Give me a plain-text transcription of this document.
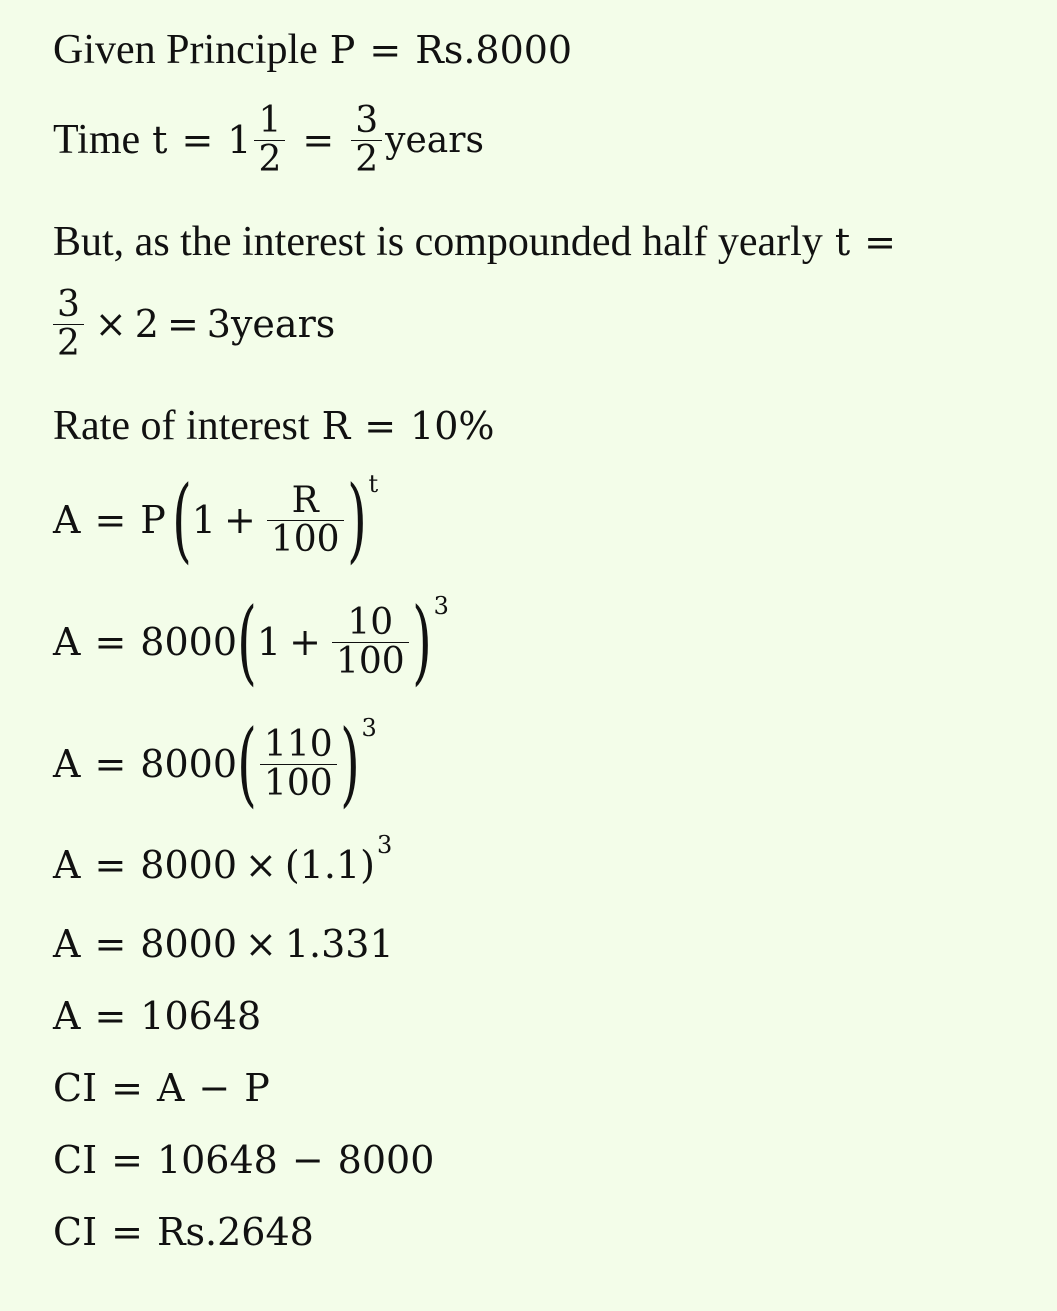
Given Principle P = Rs.8000
Time $t = 1 \frac{1}{2} = \frac{3}{2}$ years
But, as the interest is compounded half yearly t =
$\frac{3}{2} \times 2$ = 3years
Rate of interest R = 10%
A = P ( $1 + \frac{R}{100}$ ) t
A = 8000 ( $1 + \frac{10}{100}$ ) 3
A = 8000 ( $\frac{110}{100}$ ) 3
A = 8000 × (1.1) 3
A = 8000 × 1.331
A = 10648
CI = A − P
CI = 10648 − 8000
CI = Rs.2648
